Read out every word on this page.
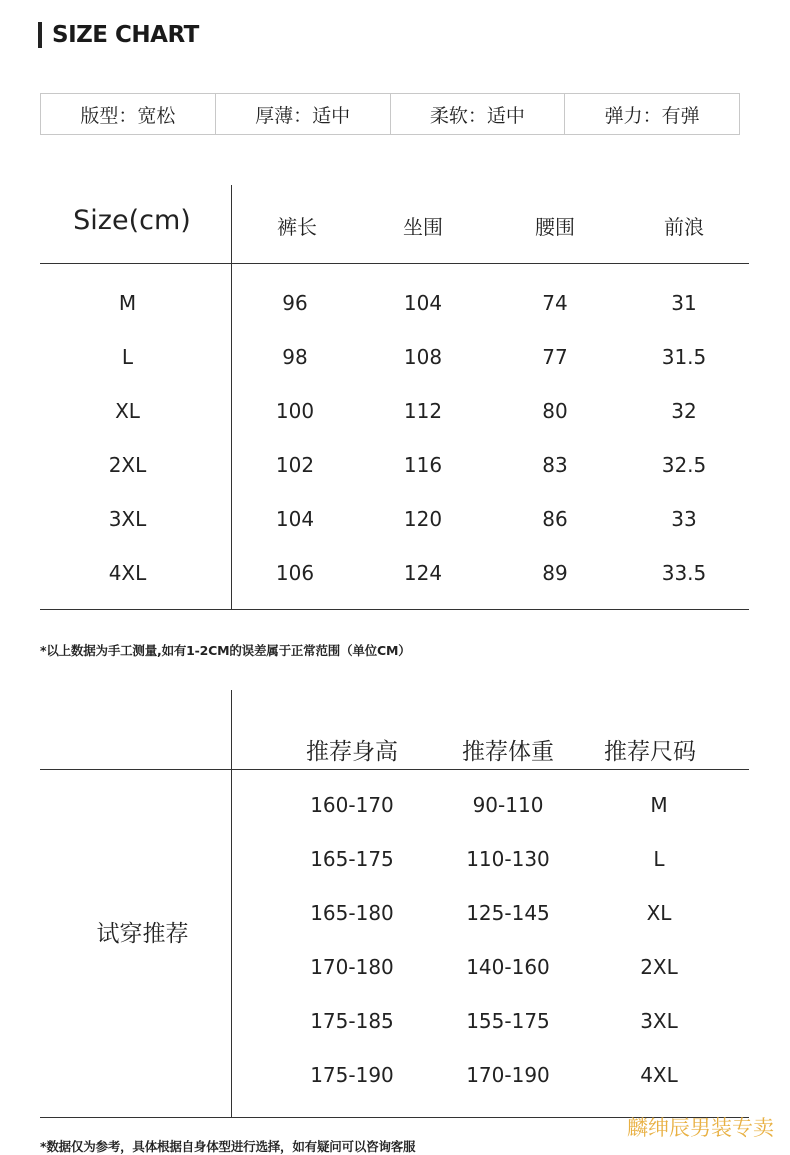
SIZE CHART
版型：宽松	厚薄：适中	柔软：适中	弹力：有弹
Size(cm)	裤长	坐围	腰围	前浪
M	96	104	74	31
L	98	108	77	31.5
XL	100	112	80	32
2XL	102	116	83	32.5
3XL	104	120	86	33
4XL	106	124	89	33.5
*以上数据为手工测量,如有1-2CM的误差属于正常范围（单位CM）
推荐身高	推荐体重	推荐尺码
试穿推荐
160-170	90-110	M
165-175	110-130	L
165-180	125-145	XL
170-180	140-160	2XL
175-185	155-175	3XL
175-190	170-190	4XL
*数据仅为参考，具体根据自身体型进行选择，如有疑问可以咨询客服
麟绅辰男装专卖
